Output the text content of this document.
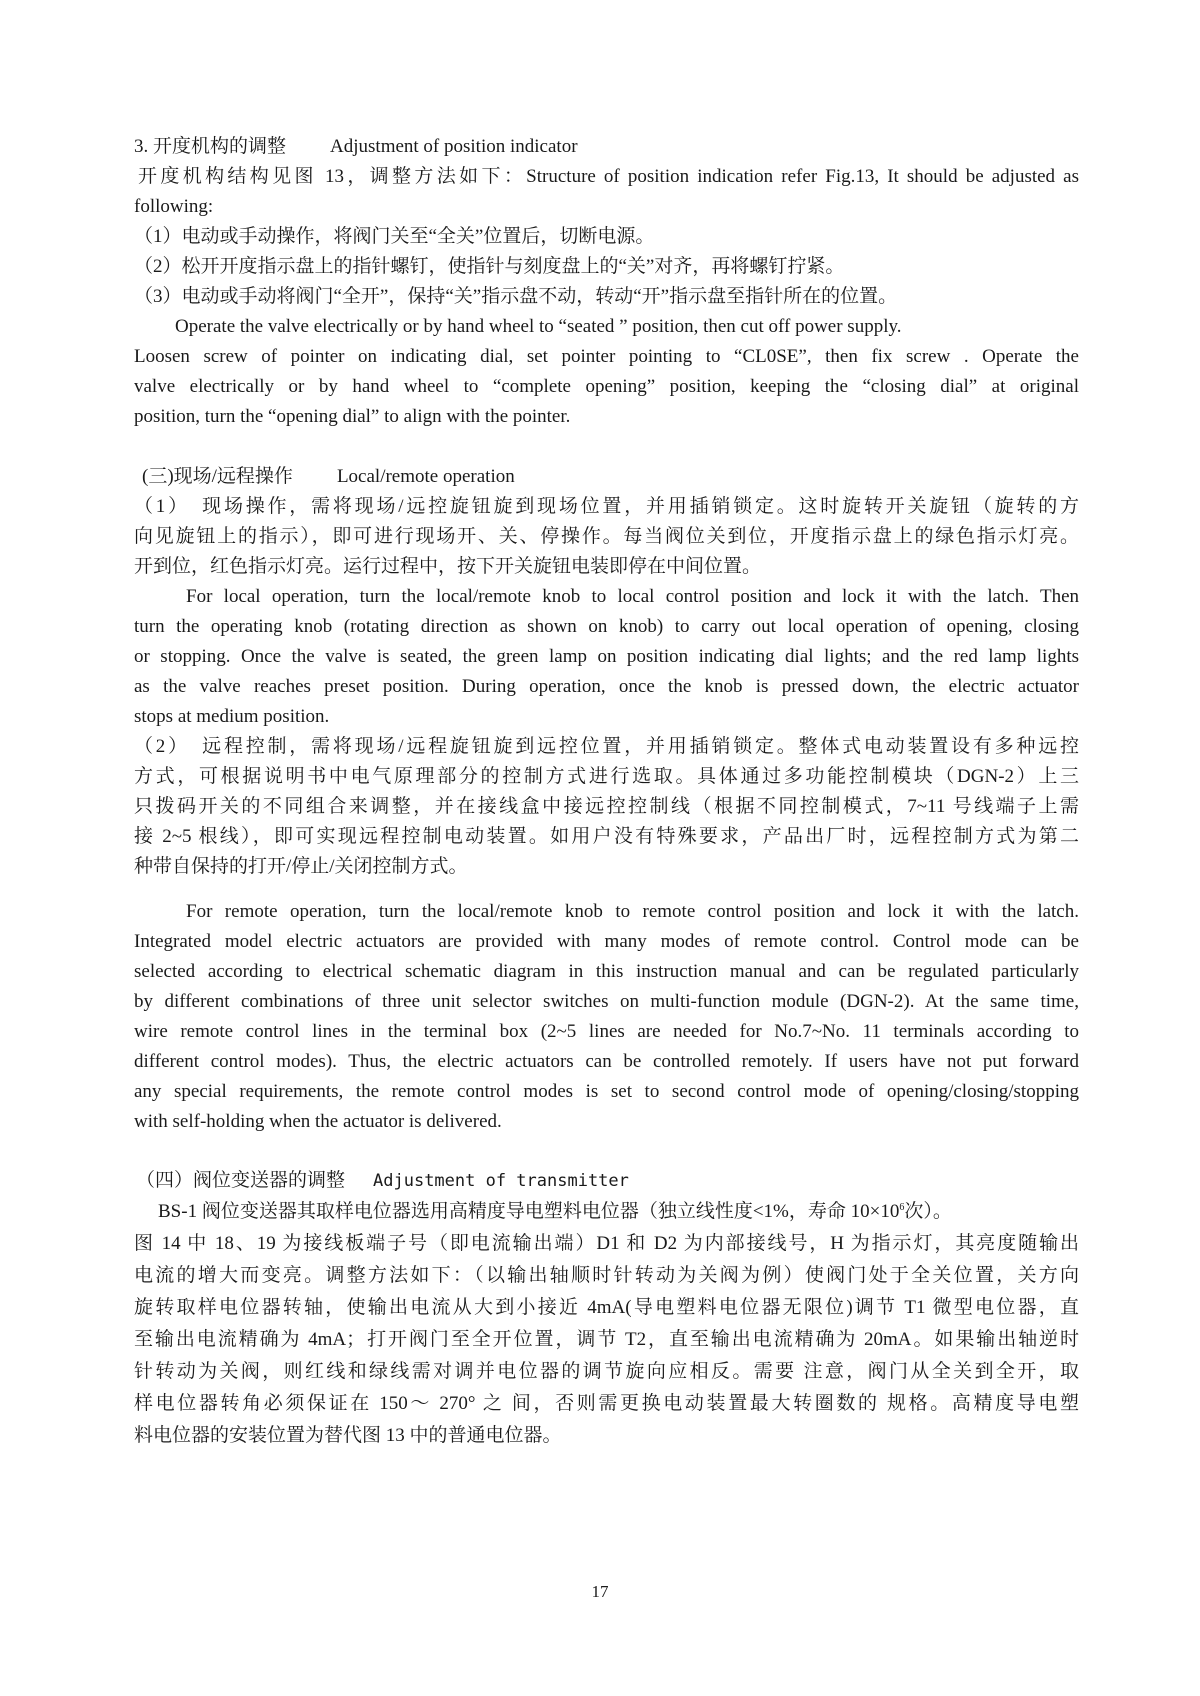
3. 开度机构的调整 Adjustment of position indicator
开度机构结构见图 13，调整方法如下：Structure of position indication refer Fig.13, It should be adjusted as
following:
（1）电动或手动操作，将阀门关至“全关”位置后，切断电源。
（2）松开开度指示盘上的指针螺钉，使指针与刻度盘上的“关”对齐，再将螺钉拧紧。
（3）电动或手动将阀门“全开”，保持“关”指示盘不动，转动“开”指示盘至指针所在的位置。
Operate the valve electrically or by hand wheel to “seated ” position, then cut off power supply.
Loosen screw of pointer on indicating dial, set pointer pointing to “CL0SE”, then fix screw . Operate the
valve electrically or by hand wheel to “complete opening” position, keeping the “closing dial” at original
position, turn the “opening dial” to align with the pointer.
(三)现场/远程操作 Local/remote operation
（1）　现场操作，需将现场/远控旋钮旋到现场位置，并用插销锁定。这时旋转开关旋钮（旋转的方
向见旋钮上的指示），即可进行现场开、关、停操作。每当阀位关到位，开度指示盘上的绿色指示灯亮。
开到位，红色指示灯亮。运行过程中，按下开关旋钮电装即停在中间位置。
For local operation, turn the local/remote knob to local control position and lock it with the latch. Then
turn the operating knob (rotating direction as shown on knob) to carry out local operation of opening, closing
or stopping. Once the valve is seated, the green lamp on position indicating dial lights; and the red lamp lights
as the valve reaches preset position. During operation, once the knob is pressed down, the electric actuator
stops at medium position.
（2）　远程控制，需将现场/远程旋钮旋到远控位置，并用插销锁定。整体式电动装置设有多种远控
方式，可根据说明书中电气原理部分的控制方式进行选取。具体通过多功能控制模块（DGN-2）上三
只拨码开关的不同组合来调整，并在接线盒中接远控控制线（根据不同控制模式，7~11 号线端子上需
接 2~5 根线），即可实现远程控制电动装置。如用户没有特殊要求，产品出厂时，远程控制方式为第二
种带自保持的打开/停止/关闭控制方式。
For remote operation, turn the local/remote knob to remote control position and lock it with the latch.
Integrated model electric actuators are provided with many modes of remote control. Control mode can be
selected according to electrical schematic diagram in this instruction manual and can be regulated particularly
by different combinations of three unit selector switches on multi-function module (DGN-2). At the same time,
wire remote control lines in the terminal box (2~5 lines are needed for No.7~No. 11 terminals according to
different control modes). Thus, the electric actuators can be controlled remotely. If users have not put forward
any special requirements, the remote control modes is set to second control mode of opening/closing/stopping
with self-holding when the actuator is delivered.
（四）阀位变送器的调整 Adjustment of transmitter
BS-1 阀位变送器其取样电位器选用高精度导电塑料电位器（独立线性度<1%，寿命 $10\times 10^6$次）。
图 14 中 18、19 为接线板端子号（即电流输出端）D1 和 D2 为内部接线号，H 为指示灯，其亮度随输出
电流的增大而变亮。调整方法如下：（以输出轴顺时针转动为关阀为例）使阀门处于全关位置，关方向
旋转取样电位器转轴，使输出电流从大到小接近 4mA(导电塑料电位器无限位)调节 T1 微型电位器，直
至输出电流精确为 4mA；打开阀门至全开位置，调节 T2，直至输出电流精确为 20mA。如果输出轴逆时
针转动为关阀，则红线和绿线需对调并电位器的调节旋向应相反。需要 注意，阀门从全关到全开，取
样电位器转角必须保证在 150～ 270° 之 间，否则需更换电动装置最大转圈数的 规格。高精度导电塑
料电位器的安装位置为替代图 13 中的普通电位器。
17
